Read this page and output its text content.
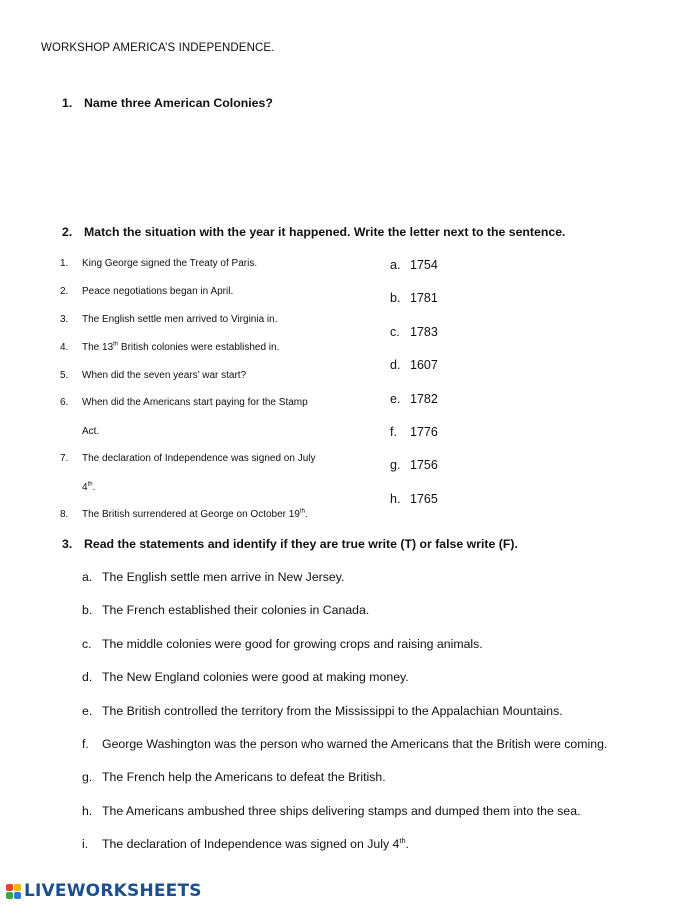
WORKSHOP AMERICA’S INDEPENDENCE.
1. Name three American Colonies?
2. Match the situation with the year it happened. Write the letter next to the sentence.
1. King George signed the Treaty of Paris.
2. Peace negotiations began in April.
3. The English settle men arrived to Virginia in.
4. The 13th British colonies were established in.
5. When did the seven years’ war start?
6. When did the Americans start paying for the Stamp
Act.
7. The declaration of Independence was signed on July
4th.
8. The British surrendered at George on October 19th.
a. 1754
b. 1781
c. 1783
d. 1607
e. 1782
f. 1776
g. 1756
h. 1765
3. Read the statements and identify if they are true write (T) or false write (F).
a. The English settle men arrive in New Jersey.
b. The French established their colonies in Canada.
c. The middle colonies were good for growing crops and raising animals.
d. The New England colonies were good at making money.
e. The British controlled the territory from the Mississippi to the Appalachian Mountains.
f. George Washington was the person who warned the Americans that the British were coming.
g. The French help the Americans to defeat the British.
h. The Americans ambushed three ships delivering stamps and dumped them into the sea.
i. The declaration of Independence was signed on July 4th.
LIVEWORKSHEETS
